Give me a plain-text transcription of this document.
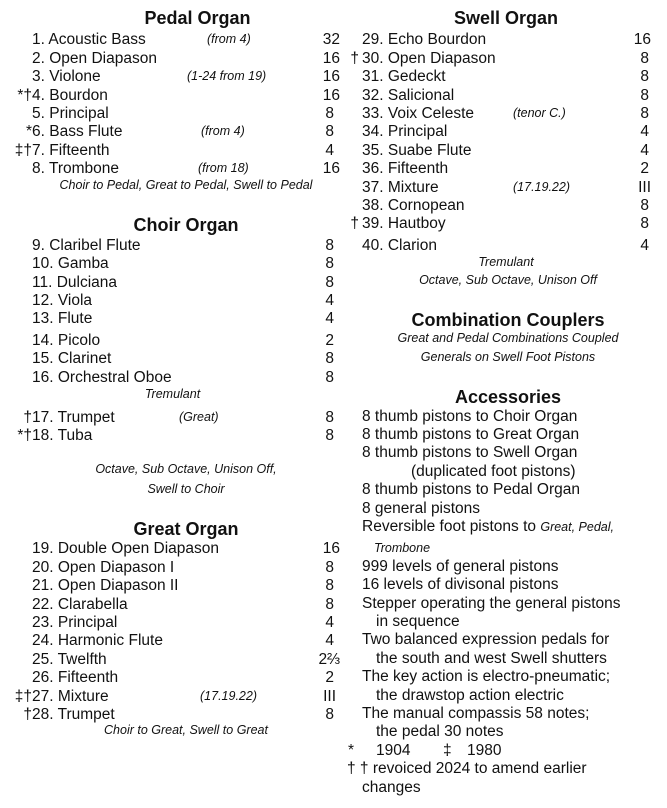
Pedal Organ
1. Acoustic Bass	(from 4)	32
2. Open Diapason	16
3. Violone	(1-24 from 19)	16
*† 4. Bourdon	16
5. Principal	8
* 6. Bass Flute	(from 4)	8
‡† 7. Fifteenth	4
8. Trombone	(from 18)	16
Choir to Pedal, Great to Pedal, Swell to Pedal
Choir Organ
9. Claribel Flute	8
10. Gamba	8
11. Dulciana	8
12. Viola	4
13. Flute	4
14. Picolo	2
15. Clarinet	8
16. Orchestral Oboe	8
Tremulant
† 17. Trumpet	(Great)	8
*† 18. Tuba	8
Octave, Sub Octave, Unison Off,
Swell to Choir
Great Organ
19. Double Open Diapason	16
20. Open Diapason I	8
21. Open Diapason II	8
22. Clarabella	8
23. Principal	4
24. Harmonic Flute	4
25. Twelfth	2⅔
26. Fifteenth	2
‡† 27. Mixture	(17.19.22)	III
† 28. Trumpet	8
Choir to Great, Swell to Great
Swell Organ
29. Echo Bourdon	16
† 30. Open Diapason	8
31. Gedeckt	8
32. Salicional	8
33. Voix Celeste	(tenor C.)	8
34. Principal	4
35. Suabe Flute	4
36. Fifteenth	2
37. Mixture	(17.19.22)	III
38. Cornopean	8
† 39. Hautboy	8
40. Clarion	4
Tremulant
Octave, Sub Octave, Unison Off
Combination Couplers
Great and Pedal Combinations Coupled
Generals on Swell Foot Pistons
Accessories
8 thumb pistons to Choir Organ
8 thumb pistons to Great Organ
8 thumb pistons to Swell Organ
(duplicated foot pistons)
8 thumb pistons to Pedal Organ
8 general pistons
Reversible foot pistons to Great, Pedal,
Trombone
999 levels of general pistons
16 levels of divisonal pistons
Stepper operating the general pistons
in sequence
Two balanced expression pedals for
the south and west Swell shutters
The key action is electro-pneumatic;
the drawstop action electric
The manual compassis 58 notes;
the pedal 30 notes
* 1904 ‡ 1980
† † revoiced 2024 to amend earlier
changes
